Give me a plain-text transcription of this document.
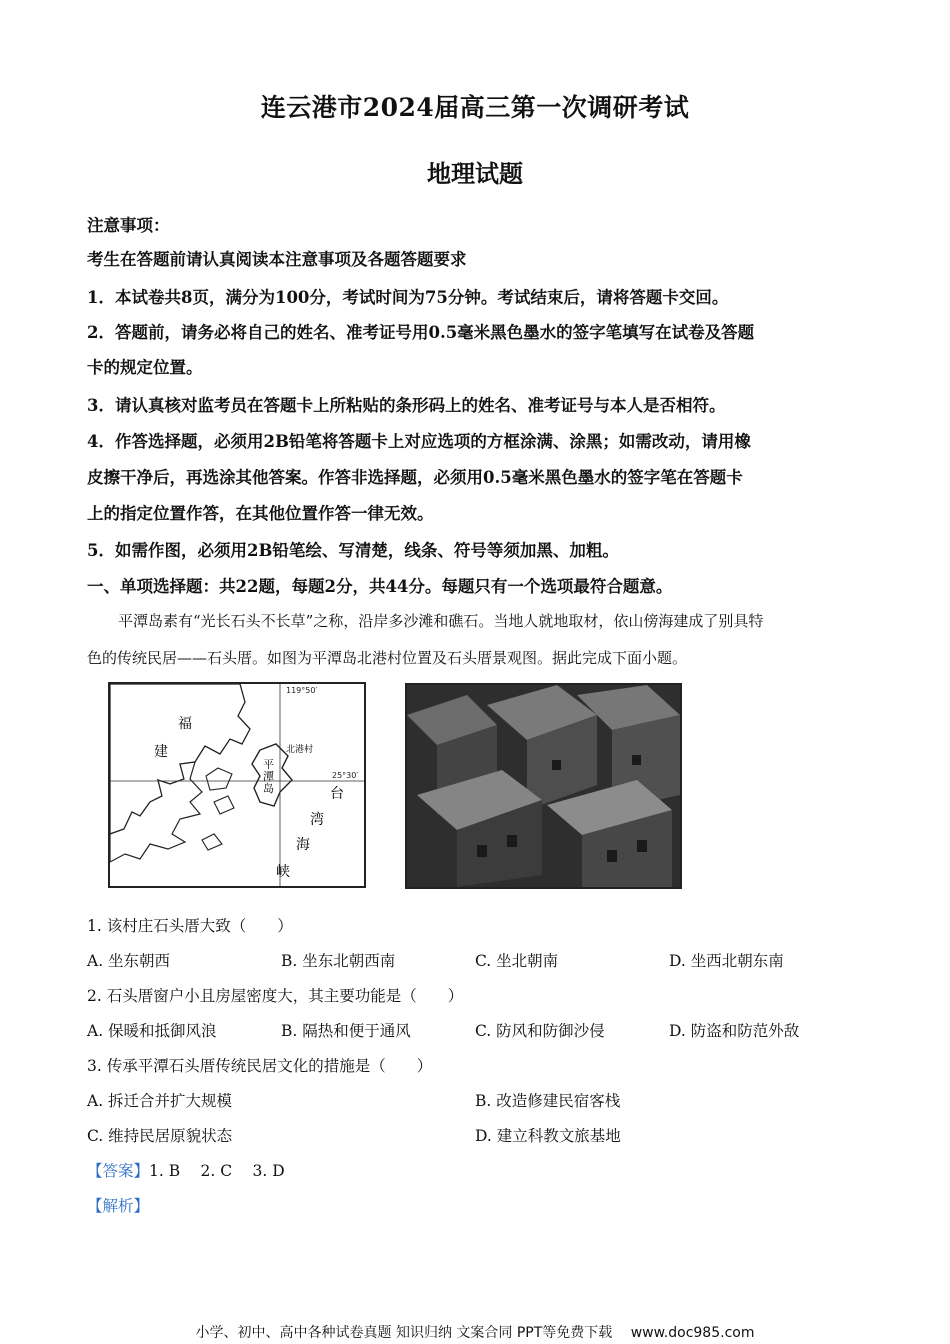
连云港市2024届高三第一次调研考试
地理试题
注意事项：
考生在答题前请认真阅读本注意事项及各题答题要求
1．本试卷共8页，满分为100分，考试时间为75分钟。考试结束后，请将答题卡交回。
2．答题前，请务必将自己的姓名、准考证号用0.5毫米黑色墨水的签字笔填写在试卷及答题
卡的规定位置。
3．请认真核对监考员在答题卡上所粘贴的条形码上的姓名、准考证号与本人是否相符。
4．作答选择题，必须用2B铅笔将答题卡上对应选项的方框涂满、涂黑；如需改动，请用橡
皮擦干净后，再选涂其他答案。作答非选择题，必须用0.5毫米黑色墨水的签字笔在答题卡
上的指定位置作答，在其他位置作答一律无效。
5．如需作图，必须用2B铅笔绘、写清楚，线条、符号等须加黑、加粗。
一、单项选择题：共22题，每题2分，共44分。每题只有一个选项最符合题意。
平潭岛素有“光长石头不长草”之称，沿岸多沙滩和礁石。当地人就地取材，依山傍海建成了别具特
色的传统民居——石头厝。如图为平潭岛北港村位置及石头厝景观图。据此完成下面小题。
119°50′
25°30′
福
建	北港村
平
潭
岛	台
湾
海
峡
1. 该村庄石头厝大致（　　）
A. 坐东朝西	B. 坐东北朝西南	C. 坐北朝南	D. 坐西北朝东南
2. 石头厝窗户小且房屋密度大，其主要功能是（　　）
A. 保暖和抵御风浪	B. 隔热和便于通风	C. 防风和防御沙侵	D. 防盗和防范外敌
3. 传承平潭石头厝传统民居文化的措施是（　　）
A. 拆迁合并扩大规模	B. 改造修建民宿客栈
C. 维持民居原貌状态	D. 建立科教文旅基地
【答案】1. B　 2. C　 3. D
【解析】
小学、初中、高中各种试卷真题 知识归纳 文案合同 PPT等免费下载　 www.doc985.com
